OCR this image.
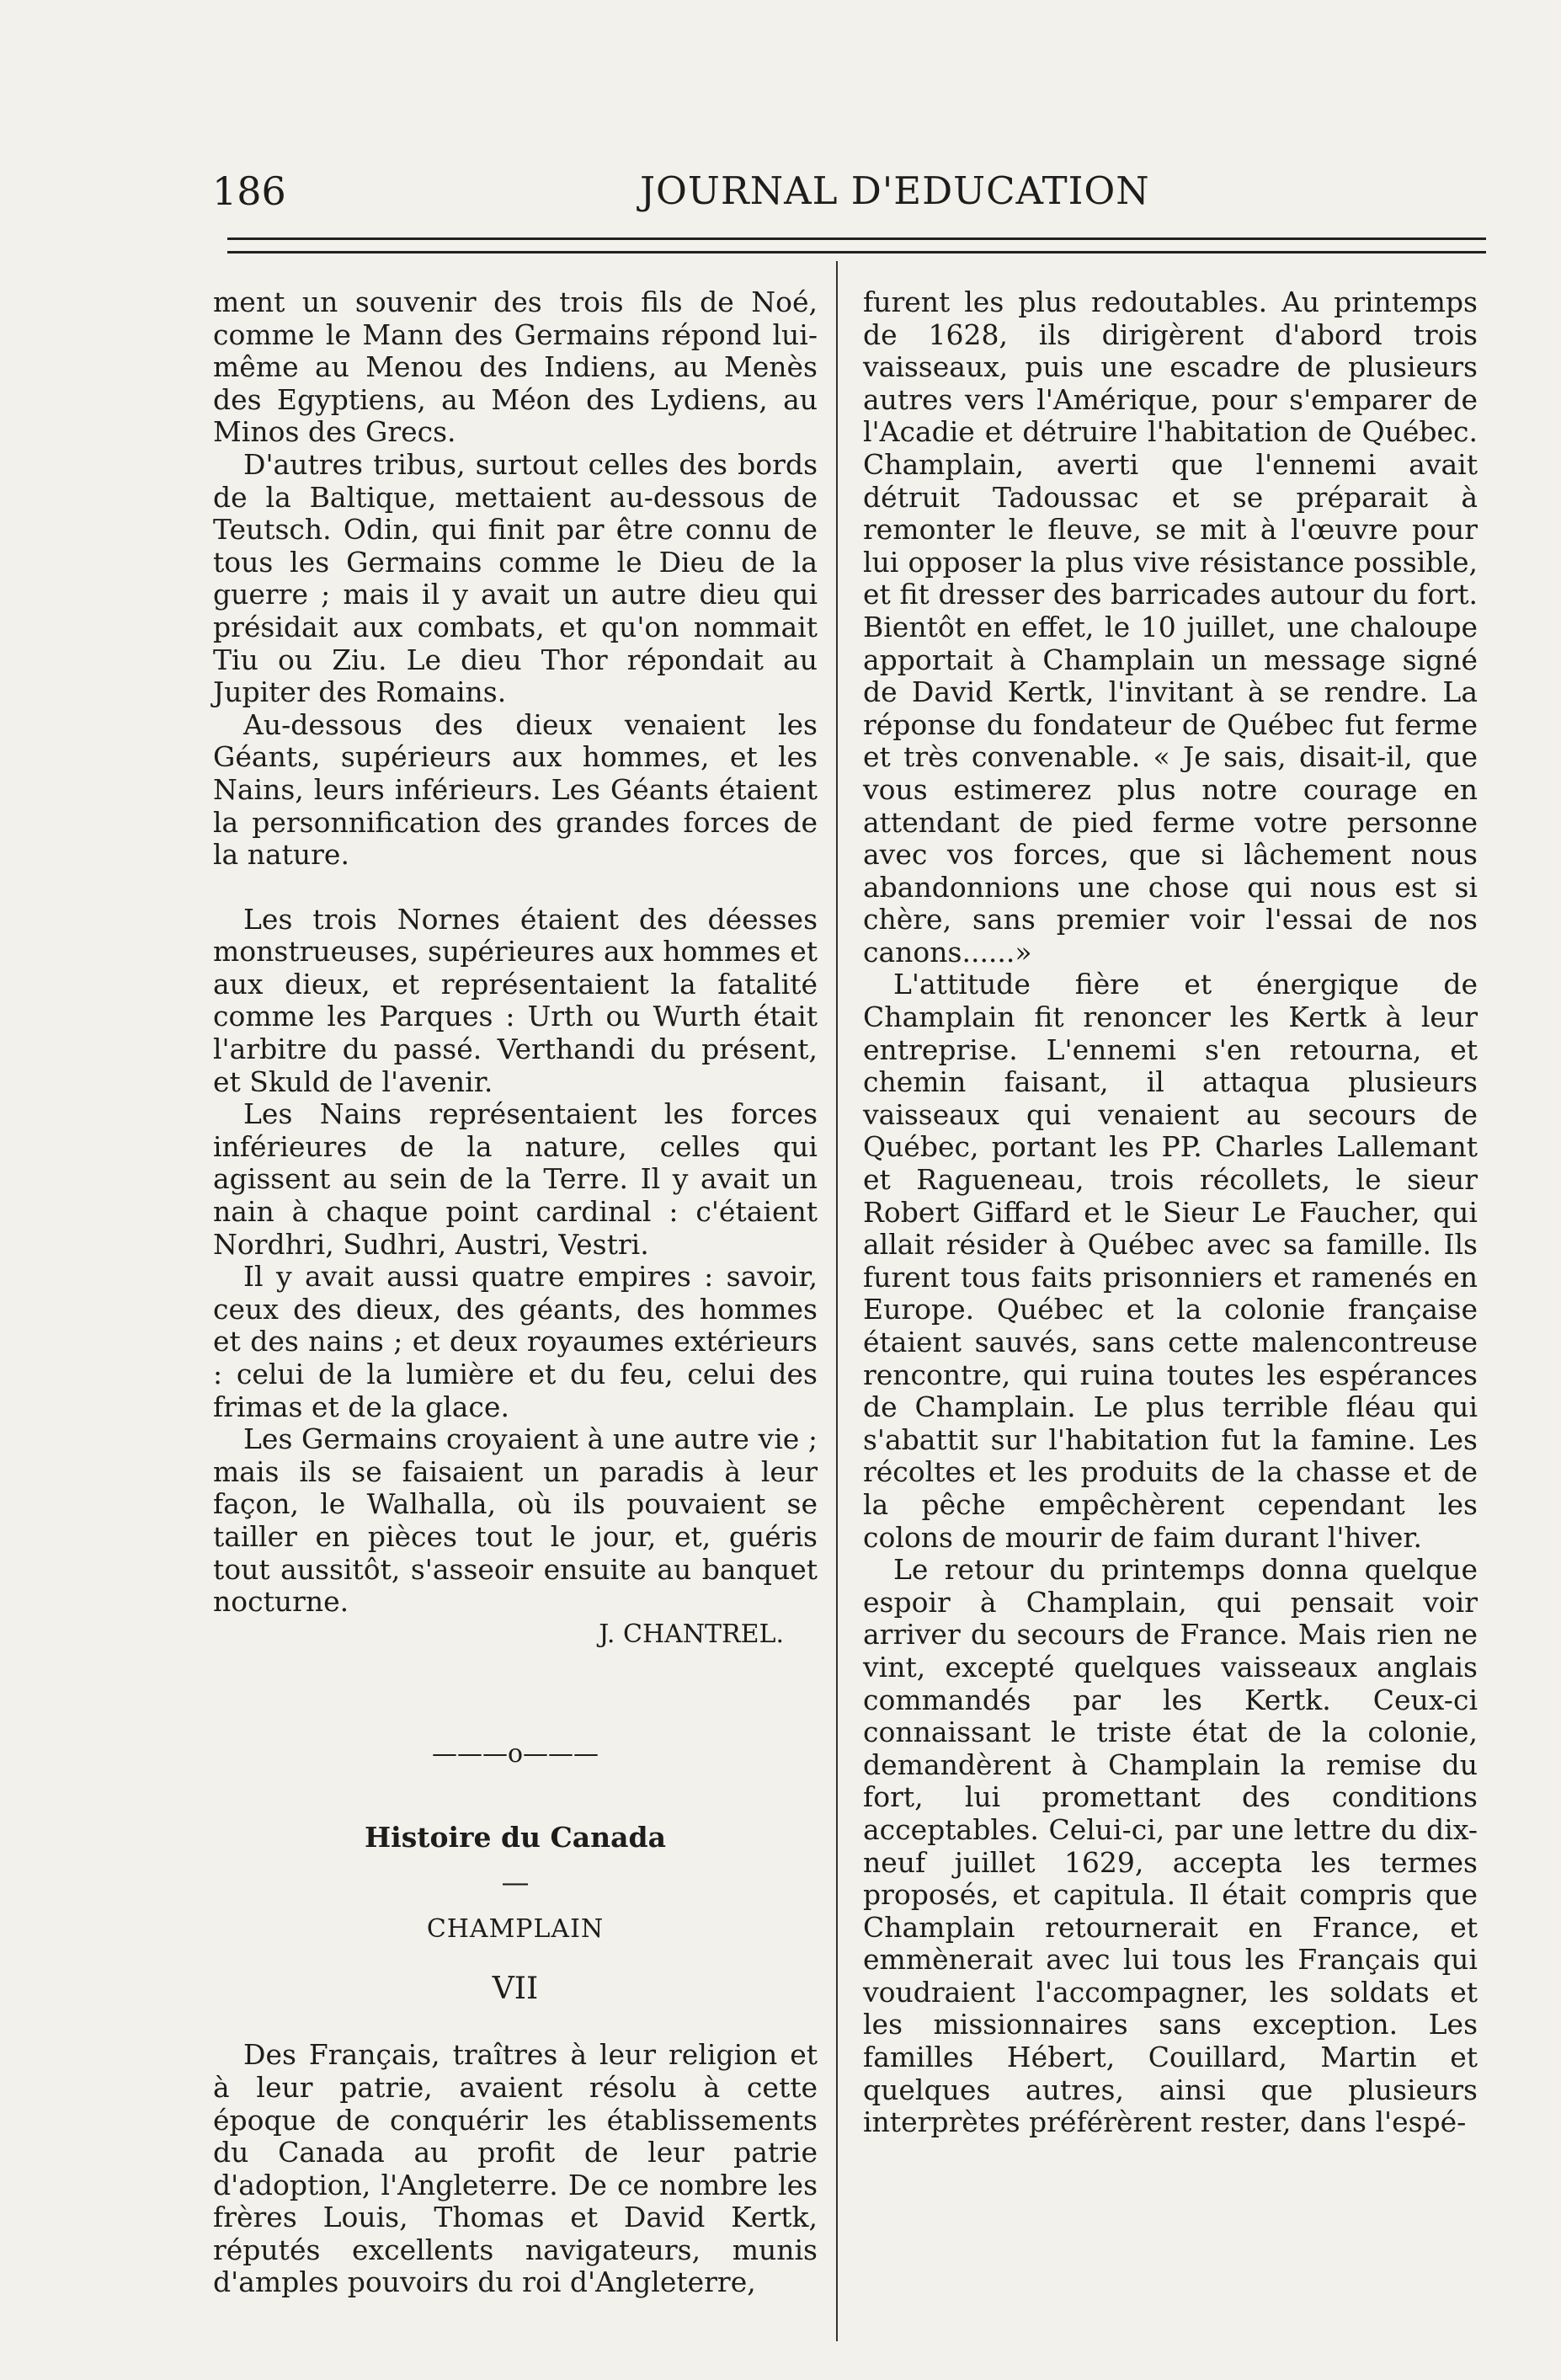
186	JOURNAL D'EDUCATION

ment un souvenir des trois fils de Noé, comme le Mann des Germains répond lui-même au Menou des Indiens, au Menès des Egyptiens, au Méon des Lydiens, au Minos des Grecs.

D'autres tribus, surtout celles des bords de la Baltique, mettaient au-dessous de Teutsch. Odin, qui finit par être connu de tous les Germains comme le Dieu de la guerre ; mais il y avait un autre dieu qui présidait aux combats, et qu'on nommait Tiu ou Ziu. Le dieu Thor répondait au Jupiter des Romains.

Au-dessous des dieux venaient les Géants, supérieurs aux hommes, et les Nains, leurs inférieurs. Les Géants étaient la personnification des grandes forces de la nature.

Les trois Nornes étaient des déesses monstrueuses, supérieures aux hommes et aux dieux, et représentaient la fatalité comme les Parques : Urth ou Wurth était l'arbitre du passé. Verthandi du présent, et Skuld de l'avenir.

Les Nains représentaient les forces inférieures de la nature, celles qui agissent au sein de la Terre. Il y avait un nain à chaque point cardinal : c'étaient Nordhri, Sudhri, Austri, Vestri.

Il y avait aussi quatre empires : savoir, ceux des dieux, des géants, des hommes et des nains ; et deux royaumes extérieurs : celui de la lumière et du feu, celui des frimas et de la glace.

Les Germains croyaient à une autre vie ; mais ils se faisaient un paradis à leur façon, le Walhalla, où ils pouvaient se tailler en pièces tout le jour, et, guéris tout aussitôt, s'asseoir ensuite au banquet nocturne.

J. CHANTREL.
———o———
Histoire du Canada
—
CHAMPLAIN
VII

Des Français, traîtres à leur religion et à leur patrie, avaient résolu à cette époque de conquérir les établissements du Canada au profit de leur patrie d'adoption, l'Angleterre. De ce nombre les frères Louis, Thomas et David Kertk, réputés excellents navigateurs, munis d'amples pouvoirs du roi d'Angleterre,

furent les plus redoutables. Au printemps de 1628, ils dirigèrent d'abord trois vaisseaux, puis une escadre de plusieurs autres vers l'Amérique, pour s'emparer de l'Acadie et détruire l'habitation de Québec. Champlain, averti que l'ennemi avait détruit Tadoussac et se préparait à remonter le fleuve, se mit à l'œuvre pour lui opposer la plus vive résistance possible, et fit dresser des barricades autour du fort. Bientôt en effet, le 10 juillet, une chaloupe apportait à Champlain un message signé de David Kertk, l'invitant à se rendre. La réponse du fondateur de Québec fut ferme et très convenable. « Je sais, disait-il, que vous estimerez plus notre courage en attendant de pied ferme votre personne avec vos forces, que si lâchement nous abandonnions une chose qui nous est si chère, sans premier voir l'essai de nos canons......»

L'attitude fière et énergique de Champlain fit renoncer les Kertk à leur entreprise. L'ennemi s'en retourna, et chemin faisant, il attaqua plusieurs vaisseaux qui venaient au secours de Québec, portant les PP. Charles Lallemant et Ragueneau, trois récollets, le sieur Robert Giffard et le Sieur Le Faucher, qui allait résider à Québec avec sa famille. Ils furent tous faits prisonniers et ramenés en Europe. Québec et la colonie française étaient sauvés, sans cette malencontreuse rencontre, qui ruina toutes les espérances de Champlain. Le plus terrible fléau qui s'abattit sur l'habitation fut la famine. Les récoltes et les produits de la chasse et de la pêche empêchèrent cependant les colons de mourir de faim durant l'hiver.

Le retour du printemps donna quelque espoir à Champlain, qui pensait voir arriver du secours de France. Mais rien ne vint, excepté quelques vaisseaux anglais commandés par les Kertk. Ceux-ci connaissant le triste état de la colonie, demandèrent à Champlain la remise du fort, lui promettant des conditions acceptables. Celui-ci, par une lettre du dix-neuf juillet 1629, accepta les termes proposés, et capitula. Il était compris que Champlain retournerait en France, et emmènerait avec lui tous les Français qui voudraient l'accompagner, les soldats et les missionnaires sans exception. Les familles Hébert, Couillard, Martin et quelques autres, ainsi que plusieurs interprètes préférèrent rester, dans l'espé-
